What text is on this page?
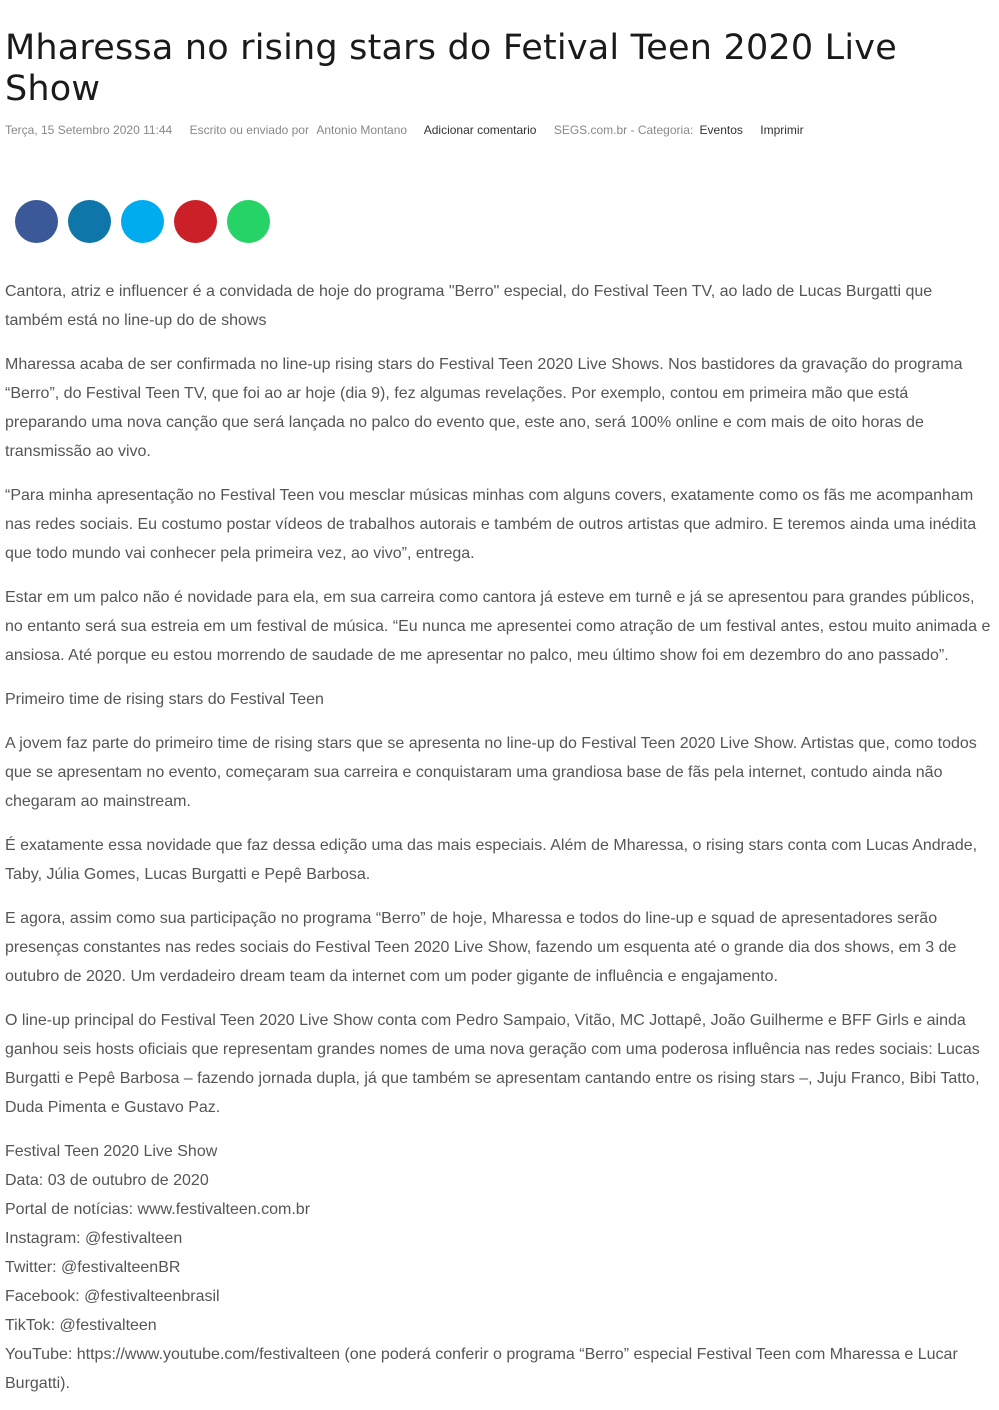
Mharessa no rising stars do Fetival Teen 2020 Live Show
Terça, 15 Setembro 2020 11:44 Escrito ou enviado por Antonio Montano Adicionar comentario SEGS.com.br - Categoria: Eventos Imprimir

Cantora, atriz e influencer é a convidada de hoje do programa "Berro" especial, do Festival Teen TV, ao lado de Lucas Burgatti que também está no line-up do de shows

Mharessa acaba de ser confirmada no line-up rising stars do Festival Teen 2020 Live Shows. Nos bastidores da gravação do programa “Berro”, do Festival Teen TV, que foi ao ar hoje (dia 9), fez algumas revelações. Por exemplo, contou em primeira mão que está preparando uma nova canção que será lançada no palco do evento que, este ano, será 100% online e com mais de oito horas de transmissão ao vivo.

“Para minha apresentação no Festival Teen vou mesclar músicas minhas com alguns covers, exatamente como os fãs me acompanham nas redes sociais. Eu costumo postar vídeos de trabalhos autorais e também de outros artistas que admiro. E teremos ainda uma inédita que todo mundo vai conhecer pela primeira vez, ao vivo”, entrega.

Estar em um palco não é novidade para ela, em sua carreira como cantora já esteve em turnê e já se apresentou para grandes públicos, no entanto será sua estreia em um festival de música. “Eu nunca me apresentei como atração de um festival antes, estou muito animada e ansiosa. Até porque eu estou morrendo de saudade de me apresentar no palco, meu último show foi em dezembro do ano passado”.

Primeiro time de rising stars do Festival Teen

A jovem faz parte do primeiro time de rising stars que se apresenta no line-up do Festival Teen 2020 Live Show. Artistas que, como todos que se apresentam no evento, começaram sua carreira e conquistaram uma grandiosa base de fãs pela internet, contudo ainda não chegaram ao mainstream.

É exatamente essa novidade que faz dessa edição uma das mais especiais. Além de Mharessa, o rising stars conta com Lucas Andrade, Taby, Júlia Gomes, Lucas Burgatti e Pepê Barbosa.

E agora, assim como sua participação no programa “Berro” de hoje, Mharessa e todos do line-up e squad de apresentadores serão presenças constantes nas redes sociais do Festival Teen 2020 Live Show, fazendo um esquenta até o grande dia dos shows, em 3 de outubro de 2020. Um verdadeiro dream team da internet com um poder gigante de influência e engajamento.

O line-up principal do Festival Teen 2020 Live Show conta com Pedro Sampaio, Vitão, MC Jottapê, João Guilherme e BFF Girls e ainda ganhou seis hosts oficiais que representam grandes nomes de uma nova geração com uma poderosa influência nas redes sociais: Lucas Burgatti e Pepê Barbosa – fazendo jornada dupla, já que também se apresentam cantando entre os rising stars –, Juju Franco, Bibi Tatto, Duda Pimenta e Gustavo Paz.

Festival Teen 2020 Live Show
Data: 03 de outubro de 2020
Portal de notícias: www.festivalteen.com.br
Instagram: @festivalteen
Twitter: @festivalteenBR
Facebook: @festivalteenbrasil
TikTok: @festivalteen
YouTube: https://www.youtube.com/festivalteen (one poderá conferir o programa “Berro” especial Festival Teen com Mharessa e Lucar Burgatti).
